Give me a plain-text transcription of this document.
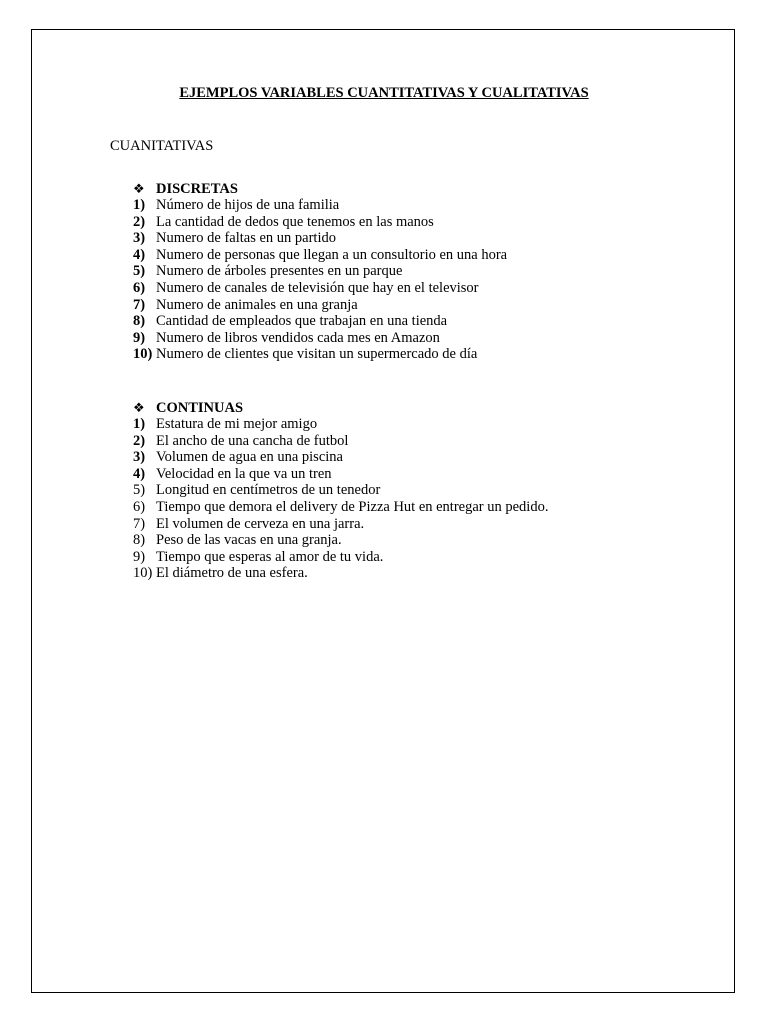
EJEMPLOS VARIABLES CUANTITATIVAS Y CUALITATIVAS

CUANITATIVAS

❖ DISCRETAS
1) Número de hijos de una familia
2) La cantidad de dedos que tenemos en las manos
3) Numero de faltas en un partido
4) Numero de personas que llegan a un consultorio en una hora
5) Numero de árboles presentes en un parque
6) Numero de canales de televisión que hay en el televisor
7) Numero de animales en una granja
8) Cantidad de empleados que trabajan en una tienda
9) Numero de libros vendidos cada mes en Amazon
10) Numero de clientes que visitan un supermercado de día
❖ CONTINUAS
1) Estatura de mi mejor amigo
2) El ancho de una cancha de futbol
3) Volumen de agua en una piscina
4) Velocidad en la que va un tren
5) Longitud en centímetros de un tenedor
6) Tiempo que demora el delivery de Pizza Hut en entregar un pedido.
7) El volumen de cerveza en una jarra.
8) Peso de las vacas en una granja.
9) Tiempo que esperas al amor de tu vida.
10) El diámetro de una esfera.
